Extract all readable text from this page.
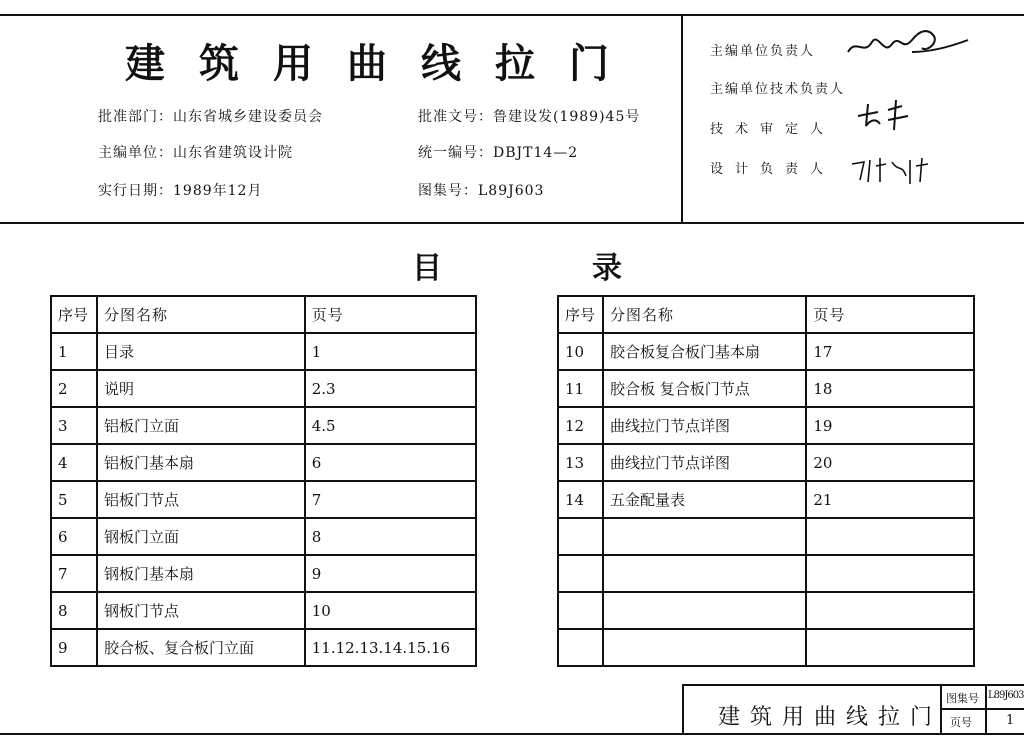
建筑用曲线拉门
批准部门：山东省城乡建设委员会	批准文号：鲁建设发(1989)45号
主编单位：山东省建筑设计院	统一编号：DBJT14—2
实行日期：1989年12月	图集号：L89J603
主编单位负责人
主编单位技术负责人
技术审定人
设计负责人
目录
序号	分图名称	页号
1	目录	1
2	说明	2.3
3	铝板门立面	4.5
4	铝板门基本扇	6
5	铝板门节点	7
6	钢板门立面	8
7	钢板门基本扇	9
8	钢板门节点	10
9	胶合板、复合板门立面	11.12.13.14.15.16
序号	分图名称	页号
10	胶合板复合板门基本扇	17
11	胶合板 复合板门节点	18
12	曲线拉门节点详图	19
13	曲线拉门节点详图	20
14	五金配量表	21

建筑用曲线拉门
图集号 L89J603
页号	1
